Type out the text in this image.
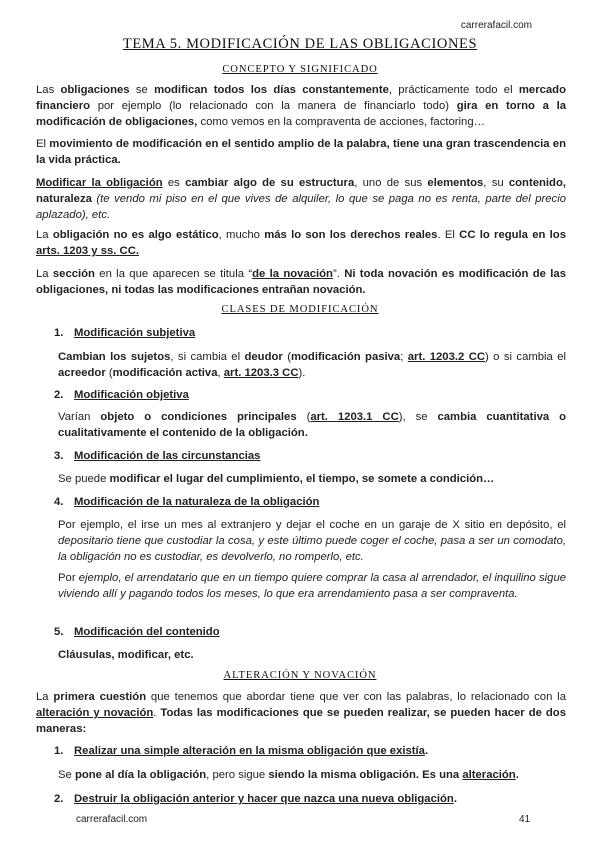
carrerafacil.com
TEMA 5. MODIFICACIÓN DE LAS OBLIGACIONES
CONCEPTO Y SIGNIFICADO

Las obligaciones se modifican todos los días constantemente, prácticamente todo el mercado financiero por ejemplo (lo relacionado con la manera de financiarlo todo) gira en torno a la modificación de obligaciones, como vemos en la compraventa de acciones, factoring…

El movimiento de modificación en el sentido amplio de la palabra, tiene una gran trascendencia en la vida práctica.

Modificar la obligación es cambiar algo de su estructura, uno de sus elementos, su contenido, naturaleza (te vendo mi piso en el que vives de alquiler, lo que se paga no es renta, parte del precio aplazado), etc.

La obligación no es algo estático, mucho más lo son los derechos reales. El CC lo regula en los arts. 1203 y ss. CC.

La sección en la que aparecen se titula “de la novación”. Ni toda novación es modificación de las obligaciones, ni todas las modificaciones entrañan novación.

CLASES DE MODIFICACIÓN
1. Modificación subjetiva

Cambian los sujetos, si cambia el deudor (modificación pasiva; art. 1203.2 CC) o si cambia el acreedor (modificación activa, art. 1203.3 CC).

2. Modificación objetiva

Varían objeto o condiciones principales (art. 1203.1 CC), se cambia cuantitativa o cualitativamente el contenido de la obligación.

3. Modificación de las circunstancias

Se puede modificar el lugar del cumplimiento, el tiempo, se somete a condición…

4. Modificación de la naturaleza de la obligación

Por ejemplo, el irse un mes al extranjero y dejar el coche en un garaje de X sitio en depósito, el depositario tiene que custodiar la cosa, y este último puede coger el coche, pasa a ser un comodato, la obligación no es custodiar, es devolverlo, no romperlo, etc.

Por ejemplo, el arrendatario que en un tiempo quiere comprar la casa al arrendador, el inquilino sigue viviendo allí y pagando todos los meses, lo que era arrendamiento pasa a ser compraventa.

5. Modificación del contenido

Cláusulas, modificar, etc.

ALTERACIÓN Y NOVACIÓN

La primera cuestión que tenemos que abordar tiene que ver con las palabras, lo relacionado con la alteración y novación. Todas las modificaciones que se pueden realizar, se pueden hacer de dos maneras:

1. Realizar una simple alteración en la misma obligación que existía.

Se pone al día la obligación, pero sigue siendo la misma obligación. Es una alteración.

2. Destruir la obligación anterior y hacer que nazca una nueva obligación.
carrerafacil.com	41
